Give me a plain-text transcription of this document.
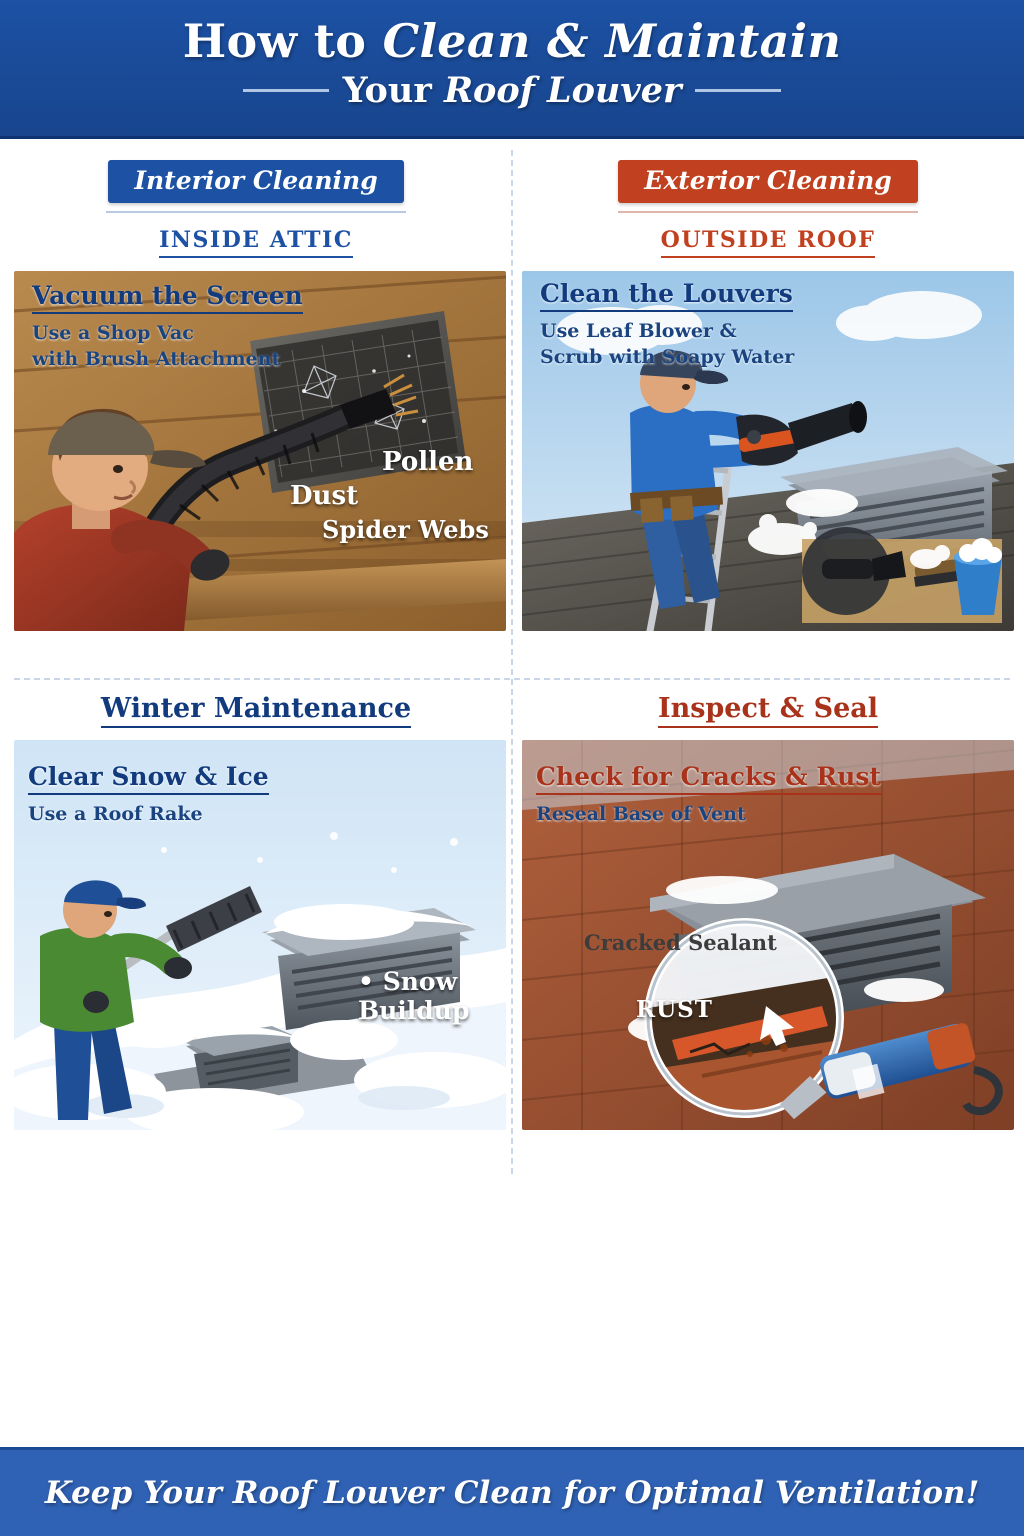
How to Clean & Maintain
Your Roof Louver
Interior Cleaning
INSIDE ATTIC
Vacuum the Screen
Use a Shop Vac
with Brush Attachment
Pollen
Dust
Spider Webs
Exterior Cleaning
OUTSIDE ROOF
Clean the Louvers
Use Leaf Blower &
Scrub with Soapy Water
Winter Maintenance
Clear Snow & Ice
Use a Roof Rake
• Snow Buildup
Inspect & Seal
Check for Cracks & Rust
Reseal Base of Vent
Cracked Sealant
RUST
Keep Your Roof Louver Clean for Optimal Ventilation!
